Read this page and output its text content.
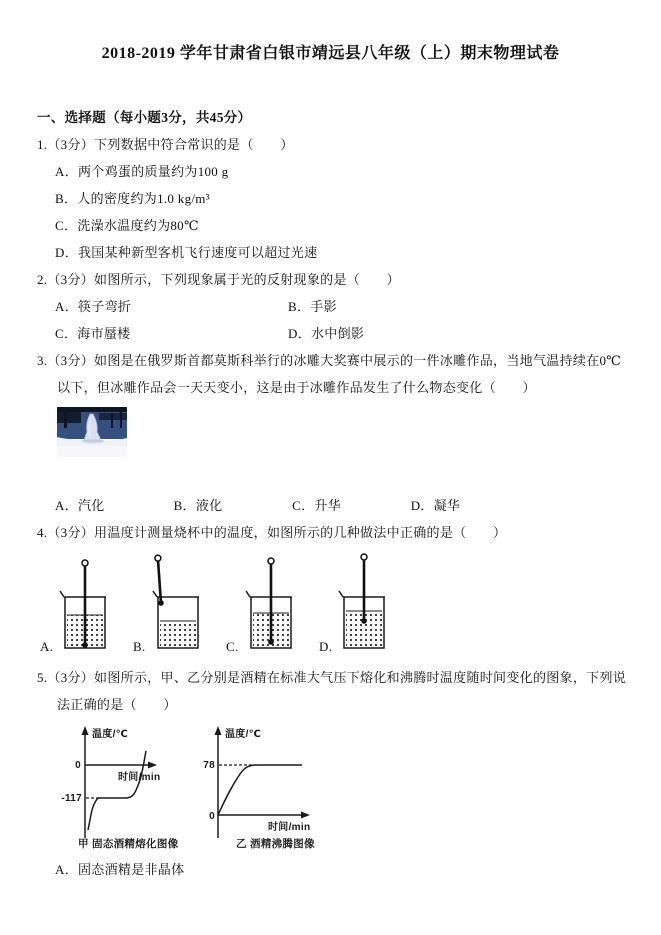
2018-2019 学年甘肃省白银市靖远县八年级（上）期末物理试卷
一、选择题（每小题3分，共45分）
1.（3分）下列数据中符合常识的是（　　）
A．两个鸡蛋的质量约为100 g
B．人的密度约为1.0 kg/m³
C．洗澡水温度约为80℃
D．我国某种新型客机飞行速度可以超过光速
2.（3分）如图所示，下列现象属于光的反射现象的是（　　）
A．筷子弯折	B．手影
C．海市蜃楼	D．水中倒影
3.（3分）如图是在俄罗斯首都莫斯科举行的冰雕大奖赛中展示的一件冰雕作品，当地气温持续在0℃以下，但冰雕作品会一天天变小，这是由于冰雕作品发生了什么物态变化（　　）
A．汽化	B．液化	C．升华	D．凝华
4.（3分）用温度计测量烧杯中的温度，如图所示的几种做法中正确的是（　　）
A.	B.	C.	D.
5.（3分）如图所示，甲、乙分别是酒精在标准大气压下熔化和沸腾时温度随时间变化的图象，下列说法正确的是（　　）
温度/℃
0
时间/min
-117
甲 固态酒精熔化图像
温度/℃
78
0
时间/min
乙 酒精沸腾图像
A．固态酒精是非晶体
